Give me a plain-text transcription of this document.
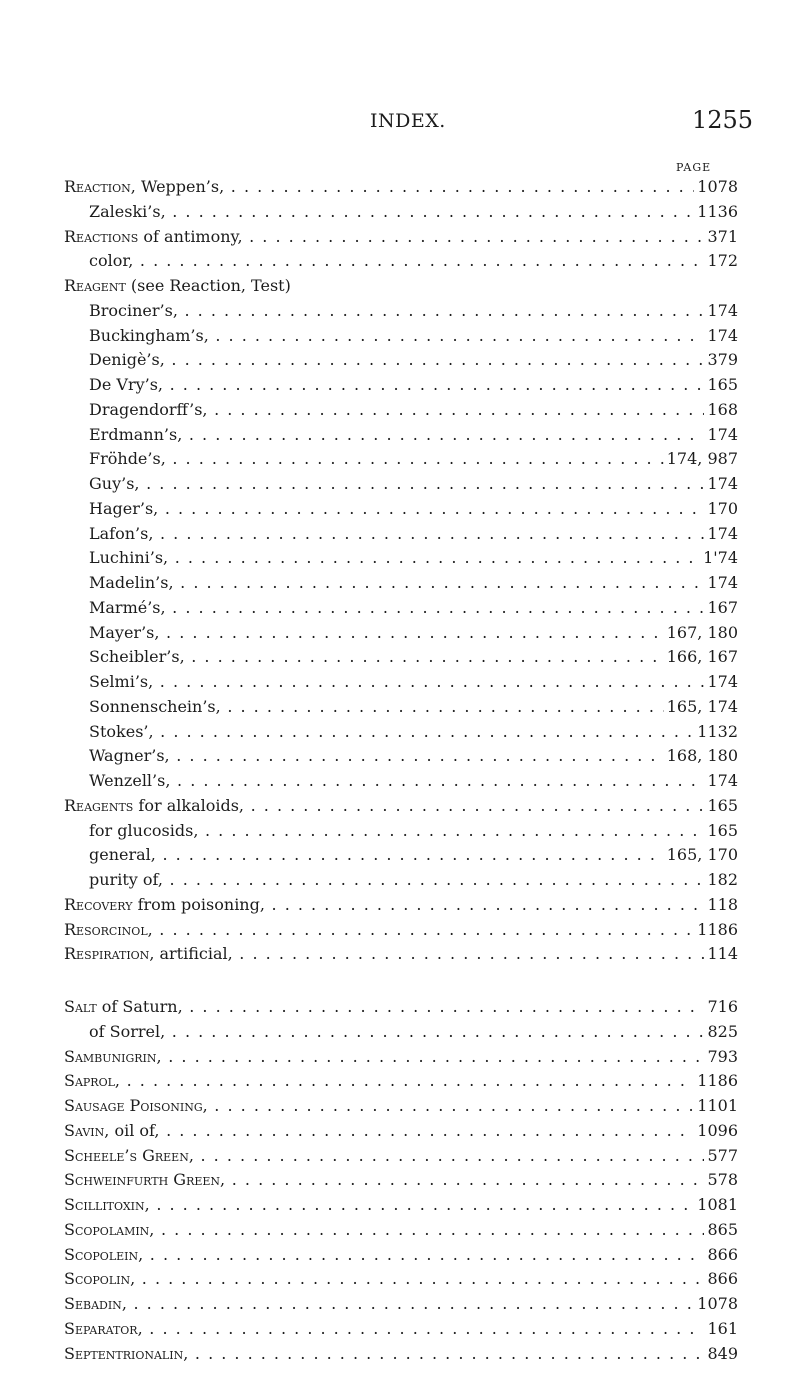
INDEX.	1255
PAGE
Reaction, Weppen’s, . . .	1078
Zaleski’s, . . .	1136
Reactions of antimony, . . .	371
color, . . .	172
Reagent (see Reaction, Test)
Brociner’s, . . .	174
Buckingham’s, . . .	174
Denigè’s, . . .	379
De Vry’s, . . .	165
Dragendorff’s, . . .	168
Erdmann’s, . . .	174
Fröhde’s, . . .	174, 987
Guy’s, . . .	174
Hager’s, . . .	170
Lafon’s, . . .	174
Luchini’s, . . .	1'74
Madelin’s, . . .	174
Marmé’s, . . .	167
Mayer’s, . . .	167, 180
Scheibler’s, . . .	166, 167
Selmi’s, . . .	174
Sonnenschein’s, . . .	165, 174
Stokes’, . . .	1132
Wagner’s, . . .	168, 180
Wenzell’s, . . .	174
Reagents for alkaloids, . . .	165
for glucosids, . . .	165
general, . . .	165, 170
purity of, . . .	182
Recovery from poisoning, . . .	118
Resorcinol, . . .	1186
Respiration, artificial, . . .	114
Salt of Saturn, . . .	716
of Sorrel, . . .	825
Sambunigrin, . . .	793
Saprol, . . .	1186
Sausage Poisoning, . . .	1101
Savin, oil of, . . .	1096
Scheele’s Green, . . .	577
Schweinfurth Green, . . .	578
Scillitoxin, . . .	1081
Scopolamin, . . .	865
Scopolein, . . .	866
Scopolin, . . .	866
Sebadin, . . .	1078
Separator, . . .	161
Septentrionalin, . . .	849
